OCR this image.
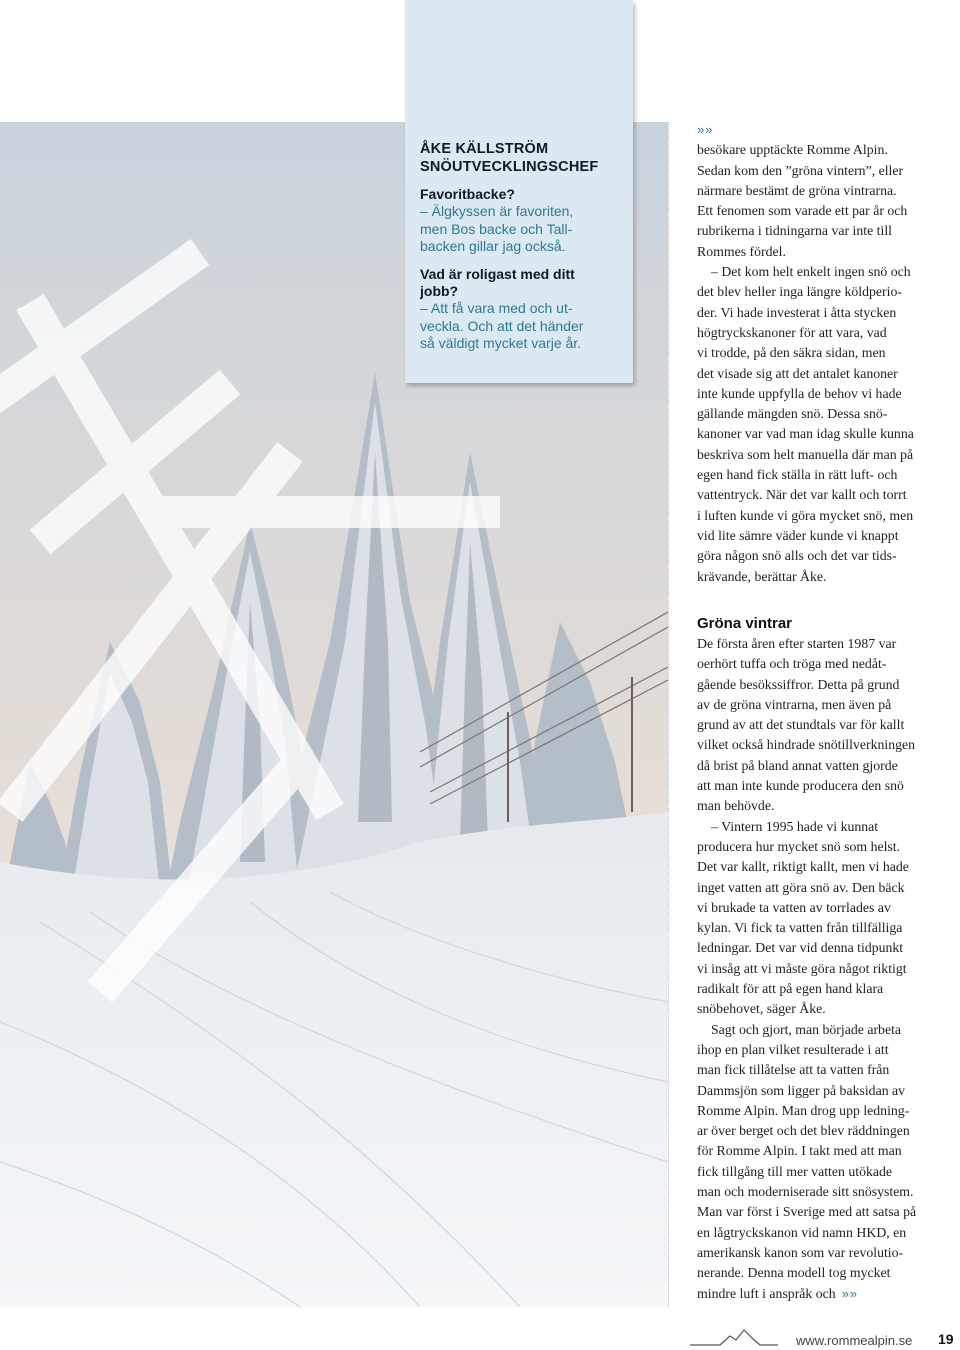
ÅKE KÄLLSTRÖM

SNÖUTVECKLINGSCHEF

Favoritbacke?

– Älgkyssen är favoriten,

men Bos backe och Tall-

backen gillar jag också.

Vad är roligast med ditt

jobb?

– Att få vara med och ut-

veckla. Och att det händer

så väldigt mycket varje år.

»»

besökare upptäckte Romme Alpin.

Sedan kom den ”gröna vintern”, eller

närmare bestämt de gröna vintrarna.

Ett fenomen som varade ett par år och

rubrikerna i tidningarna var inte till

Rommes fördel.

– Det kom helt enkelt ingen snö och

det blev heller inga längre köldperio-

der. Vi hade investerat i åtta stycken

högtryckskanoner för att vara, vad

vi trodde, på den säkra sidan, men

det visade sig att det antalet kanoner

inte kunde uppfylla de behov vi hade

gällande mängden snö. Dessa snö-

kanoner var vad man idag skulle kunna

beskriva som helt manuella där man på

egen hand fick ställa in rätt luft- och

vattentryck. När det var kallt och torrt

i luften kunde vi göra mycket snö, men

vid lite sämre väder kunde vi knappt

göra någon snö alls och det var tids-

krävande, berättar Åke.

Gröna vintrar

De första åren efter starten 1987 var

oerhört tuffa och tröga med nedåt-

gående besökssiffror. Detta på grund

av de gröna vintrarna, men även på

grund av att det stundtals var för kallt

vilket också hindrade snötillverkningen

då brist på bland annat vatten gjorde

att man inte kunde producera den snö

man behövde.

– Vintern 1995 hade vi kunnat

producera hur mycket snö som helst.

Det var kallt, riktigt kallt, men vi hade

inget vatten att göra snö av. Den bäck

vi brukade ta vatten av torrlades av

kylan. Vi fick ta vatten från tillfälliga

ledningar. Det var vid denna tidpunkt

vi insåg att vi måste göra något riktigt

radikalt för att på egen hand klara

snöbehovet, säger Åke.

Sagt och gjort, man började arbeta

ihop en plan vilket resulterade i att

man fick tillåtelse att ta vatten från

Dammsjön som ligger på baksidan av

Romme Alpin. Man drog upp ledning-

ar över berget och det blev räddningen

för Romme Alpin. I takt med att man

fick tillgång till mer vatten utökade

man och moderniserade sitt snösystem.

Man var först i Sverige med att satsa på

en lågtryckskanon vid namn HKD, en

amerikansk kanon som var revolutio-

nerande. Denna modell tog mycket

mindre luft i anspråk och »»

www.rommealpin.se 19
